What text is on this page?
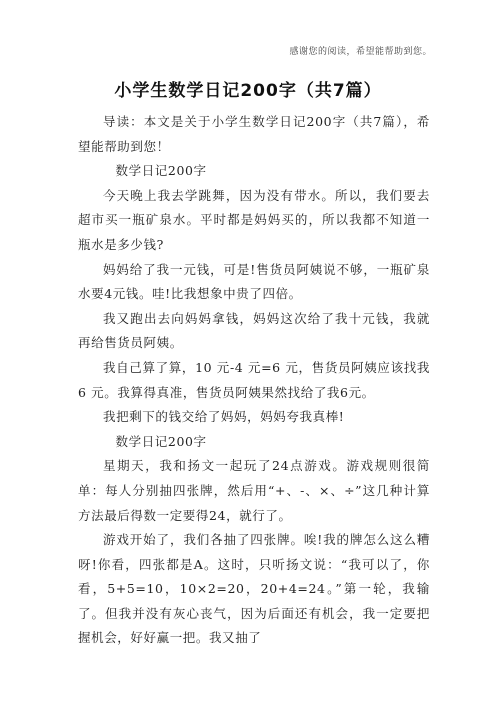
感谢您的阅读，希望能帮助到您。
小学生数学日记200字（共7篇）

导读：本文是关于小学生数学日记200字（共7篇），希望能帮助到您！

数学日记200字

今天晚上我去学跳舞，因为没有带水。所以，我们要去超市买一瓶矿泉水。平时都是妈妈买的，所以我都不知道一瓶水是多少钱?

妈妈给了我一元钱，可是!售货员阿姨说不够，一瓶矿泉水要4元钱。哇!比我想象中贵了四倍。

我又跑出去向妈妈拿钱，妈妈这次给了我十元钱，我就再给售货员阿姨。

我自己算了算，10 元-4 元=6 元，售货员阿姨应该找我 6 元。我算得真准，售货员阿姨果然找给了我6元。

我把剩下的钱交给了妈妈，妈妈夸我真棒!

数学日记200字

星期天，我和扬文一起玩了24点游戏。游戏规则很简单：每人分别抽四张牌，然后用“+、-、×、÷”这几种计算方法最后得数一定要得24，就行了。

游戏开始了，我们各抽了四张牌。唉!我的牌怎么这么糟呀!你看，四张都是A。这时，只听扬文说：“我可以了，你看，5+5=10，10×2=20，20+4=24。”第一轮，我输了。但我并没有灰心丧气，因为后面还有机会，我一定要把握机会，好好赢一把。我又抽了
